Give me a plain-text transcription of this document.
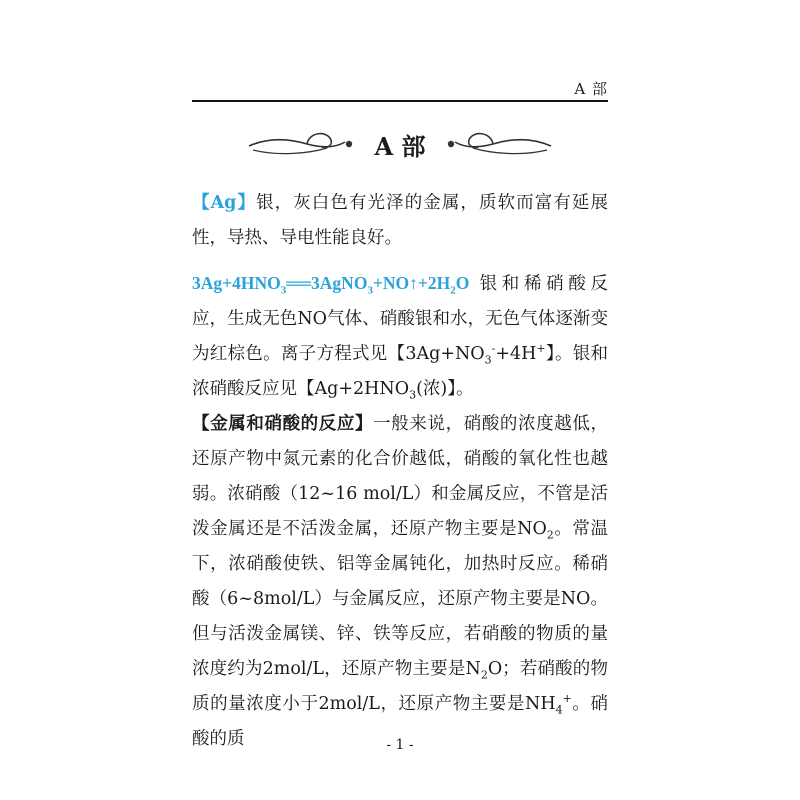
A 部
A 部

【Ag】银，灰白色有光泽的金属，质软而富有延展性，导热、导电性能良好。

$3Ag+4HNO_3══3AgNO_3+NO↑+2H_2O$ 银和稀硝酸反应，生成无色NO气体、硝酸银和水，无色气体逐渐变为红棕色。离子方程式见【$3Ag+NO_3^-+4H^+$】。银和浓硝酸反应见【$Ag+2HNO_3$(浓)】。

【金属和硝酸的反应】一般来说，硝酸的浓度越低，还原产物中氮元素的化合价越低，硝酸的氧化性也越弱。浓硝酸（12~16 mol/L）和金属反应，不管是活泼金属还是不活泼金属，还原产物主要是$NO_2$。常温下，浓硝酸使铁、铝等金属钝化，加热时反应。稀硝酸（6~8mol/L）与金属反应，还原产物主要是NO。但与活泼金属镁、锌、铁等反应，若硝酸的物质的量浓度约为2mol/L，还原产物主要是$N_2O$；若硝酸的物质的量浓度小于2mol/L，还原产物主要是$NH_4^+$。硝酸的质	- 1 -
